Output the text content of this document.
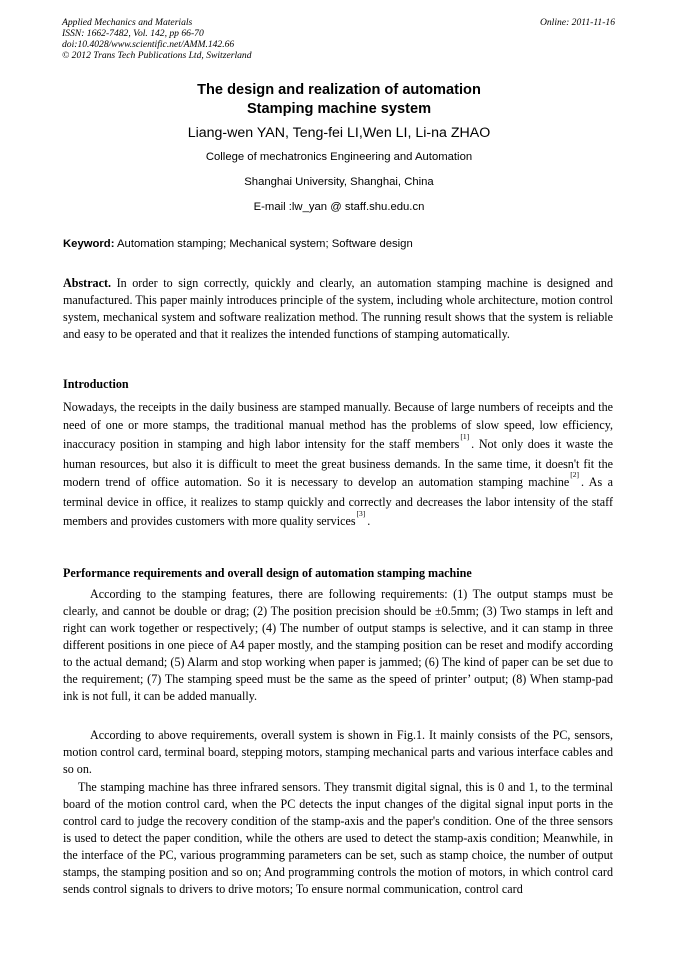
Applied Mechanics and Materials
ISSN: 1662-7482, Vol. 142, pp 66-70
doi:10.4028/www.scientific.net/AMM.142.66
© 2012 Trans Tech Publications Ltd, Switzerland
Online: 2011-11-16
The design and realization of automation
Stamping machine system
Liang-wen YAN, Teng-fei LI,Wen LI, Li-na ZHAO
College of mechatronics Engineering and Automation
Shanghai University, Shanghai, China
E-mail :lw_yan @ staff.shu.edu.cn
Keyword: Automation stamping; Mechanical system; Software design
Abstract. In order to sign correctly, quickly and clearly, an automation stamping machine is designed and manufactured. This paper mainly introduces principle of the system, including whole architecture, motion control system, mechanical system and software realization method. The running result shows that the system is reliable and easy to be operated and that it realizes the intended functions of stamping automatically.
Introduction
Nowadays, the receipts in the daily business are stamped manually. Because of large numbers of receipts and the need of one or more stamps, the traditional manual method has the problems of slow speed, low efficiency, inaccuracy position in stamping and high labor intensity for the staff members[1]. Not only does it waste the human resources, but also it is difficult to meet the great business demands. In the same time, it doesn't fit the modern trend of office automation. So it is necessary to develop an automation stamping machine[2]. As a terminal device in office, it realizes to stamp quickly and correctly and decreases the labor intensity of the staff members and provides customers with more quality services[3].
Performance requirements and overall design of automation stamping machine
According to the stamping features, there are following requirements: (1) The output stamps must be clearly, and cannot be double or drag; (2) The position precision should be ±0.5mm; (3) Two stamps in left and right can work together or respectively; (4) The number of output stamps is selective, and it can stamp in three different positions in one piece of A4 paper mostly, and the stamping position can be reset and modify according to the actual demand; (5) Alarm and stop working when paper is jammed; (6) The kind of paper can be set due to the requirement; (7) The stamping speed must be the same as the speed of printer’ output; (8) When stamp-pad ink is not full, it can be added manually.
According to above requirements, overall system is shown in Fig.1. It mainly consists of the PC, sensors, motion control card, terminal board, stepping motors, stamping mechanical parts and various interface cables and so on.
The stamping machine has three infrared sensors. They transmit digital signal, this is 0 and 1, to the terminal board of the motion control card, when the PC detects the input changes of the digital signal input ports in the control card to judge the recovery condition of the stamp-axis and the paper's condition. One of the three sensors is used to detect the paper condition, while the others are used to detect the stamp-axis condition; Meanwhile, in the interface of the PC, various programming parameters can be set, such as stamp choice, the number of output stamps, the stamping position and so on; And programming controls the motion of motors, in which control card sends control signals to drivers to drive motors; To ensure normal communication, control card
